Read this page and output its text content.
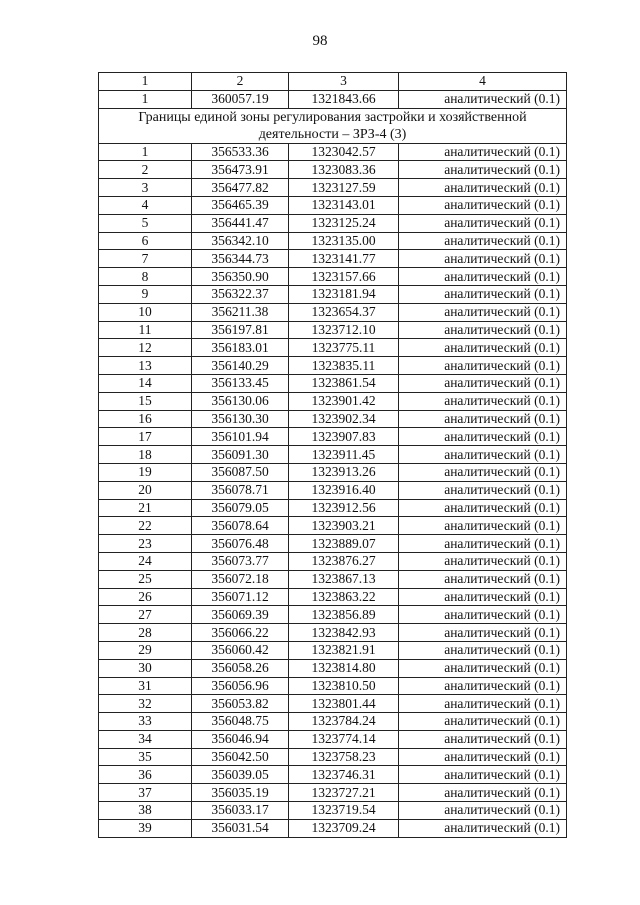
98
1	2	3	4
1	360057.19	1321843.66	аналитический (0.1)
Границы единой зоны регулирования застройки и хозяйственной деятельности – ЗРЗ-4 (3)			
1	356533.36	1323042.57	аналитический (0.1)
2	356473.91	1323083.36	аналитический (0.1)
3	356477.82	1323127.59	аналитический (0.1)
4	356465.39	1323143.01	аналитический (0.1)
5	356441.47	1323125.24	аналитический (0.1)
6	356342.10	1323135.00	аналитический (0.1)
7	356344.73	1323141.77	аналитический (0.1)
8	356350.90	1323157.66	аналитический (0.1)
9	356322.37	1323181.94	аналитический (0.1)
10	356211.38	1323654.37	аналитический (0.1)
11	356197.81	1323712.10	аналитический (0.1)
12	356183.01	1323775.11	аналитический (0.1)
13	356140.29	1323835.11	аналитический (0.1)
14	356133.45	1323861.54	аналитический (0.1)
15	356130.06	1323901.42	аналитический (0.1)
16	356130.30	1323902.34	аналитический (0.1)
17	356101.94	1323907.83	аналитический (0.1)
18	356091.30	1323911.45	аналитический (0.1)
19	356087.50	1323913.26	аналитический (0.1)
20	356078.71	1323916.40	аналитический (0.1)
21	356079.05	1323912.56	аналитический (0.1)
22	356078.64	1323903.21	аналитический (0.1)
23	356076.48	1323889.07	аналитический (0.1)
24	356073.77	1323876.27	аналитический (0.1)
25	356072.18	1323867.13	аналитический (0.1)
26	356071.12	1323863.22	аналитический (0.1)
27	356069.39	1323856.89	аналитический (0.1)
28	356066.22	1323842.93	аналитический (0.1)
29	356060.42	1323821.91	аналитический (0.1)
30	356058.26	1323814.80	аналитический (0.1)
31	356056.96	1323810.50	аналитический (0.1)
32	356053.82	1323801.44	аналитический (0.1)
33	356048.75	1323784.24	аналитический (0.1)
34	356046.94	1323774.14	аналитический (0.1)
35	356042.50	1323758.23	аналитический (0.1)
36	356039.05	1323746.31	аналитический (0.1)
37	356035.19	1323727.21	аналитический (0.1)
38	356033.17	1323719.54	аналитический (0.1)
39	356031.54	1323709.24	аналитический (0.1)
